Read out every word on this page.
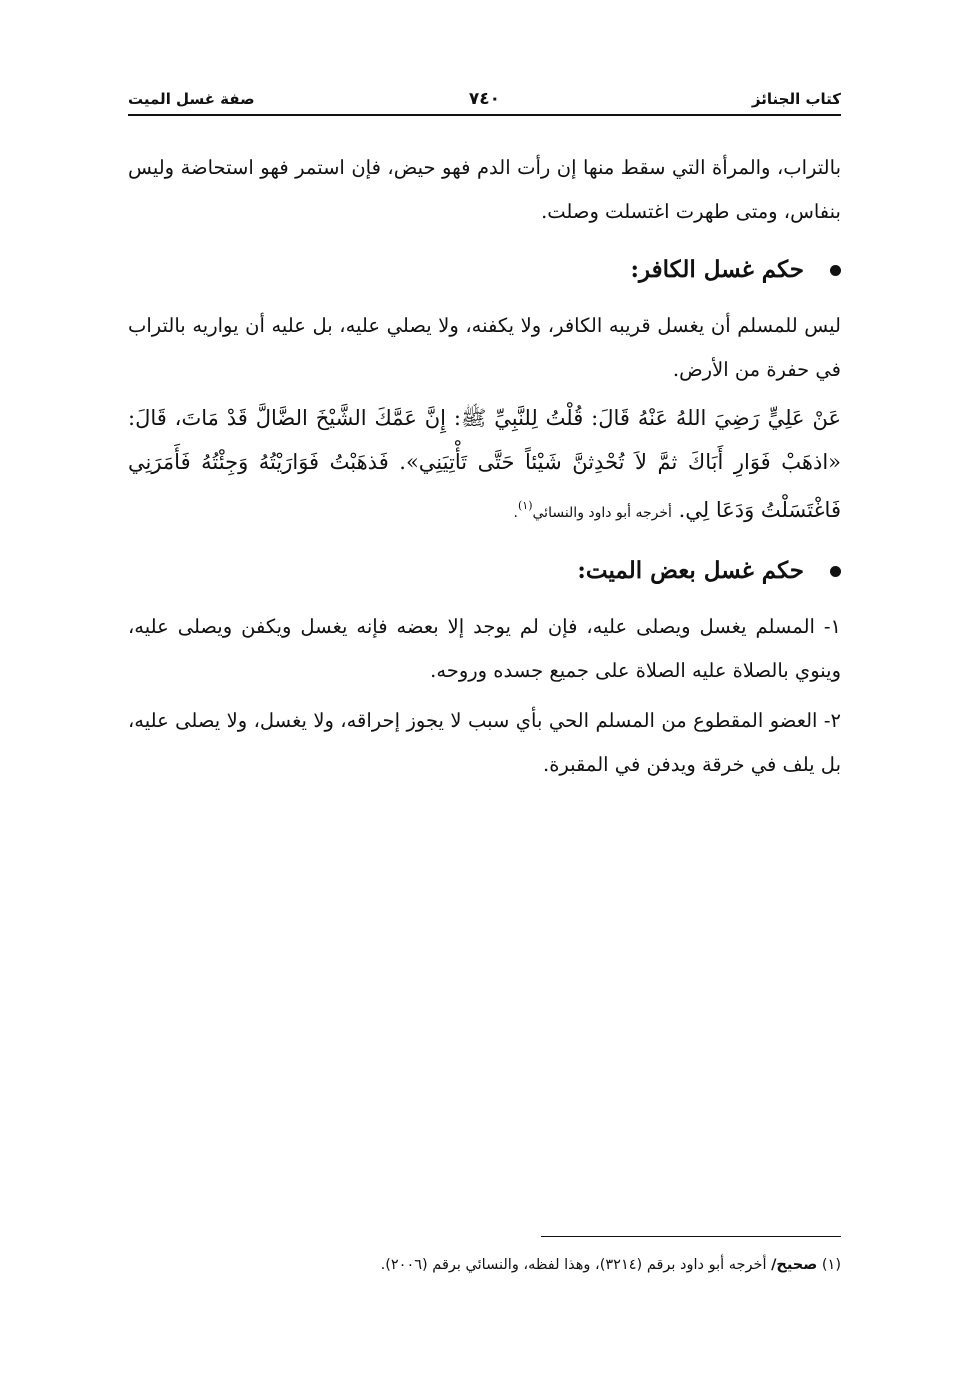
كتاب الجنائز
٧٤٠
صفة غسل الميت

بالتراب، والمرأة التي سقط منها إن رأت الدم فهو حيض، فإن استمر فهو استحاضة وليس بنفاس، ومتى طهرت اغتسلت وصلت.

حكم غسل الكافر:

ليس للمسلم أن يغسل قريبه الكافر، ولا يكفنه، ولا يصلي عليه، بل عليه أن يواريه بالتراب في حفرة من الأرض.

عَنْ عَلِيٍّ رَضِيَ اللهُ عَنْهُ قَالَ: قُلْتُ لِلنَّبِيِّ ﷺ: إِنَّ عَمَّكَ الشَّيْخَ الضَّالَّ قَدْ مَاتَ، قَالَ: «اذهَبْ فَوَارِ أَبَاكَ ثمَّ لاَ تُحْدِثنَّ شَيْئاً حَتَّى تَأْتِيَنِي». فَذهَبْتُ فَوَارَيْتُهُ وَجِئْتُهُ فَأَمَرَنِي فَاغْتَسَلْتُ وَدَعَا لِي. أخرجه أبو داود والنسائي$^{(١)}$.

حكم غسل بعض الميت:

١- المسلم يغسل ويصلى عليه، فإن لم يوجد إلا بعضه فإنه يغسل ويكفن ويصلى عليه، وينوي بالصلاة عليه الصلاة على جميع جسده وروحه.

٢- العضو المقطوع من المسلم الحي بأي سبب لا يجوز إحراقه، ولا يغسل، ولا يصلى عليه، بل يلف في خرقة ويدفن في المقبرة.

(١) صحيح/ أخرجه أبو داود برقم (٣٢١٤)، وهذا لفظه، والنسائي برقم (٢٠٠٦).
